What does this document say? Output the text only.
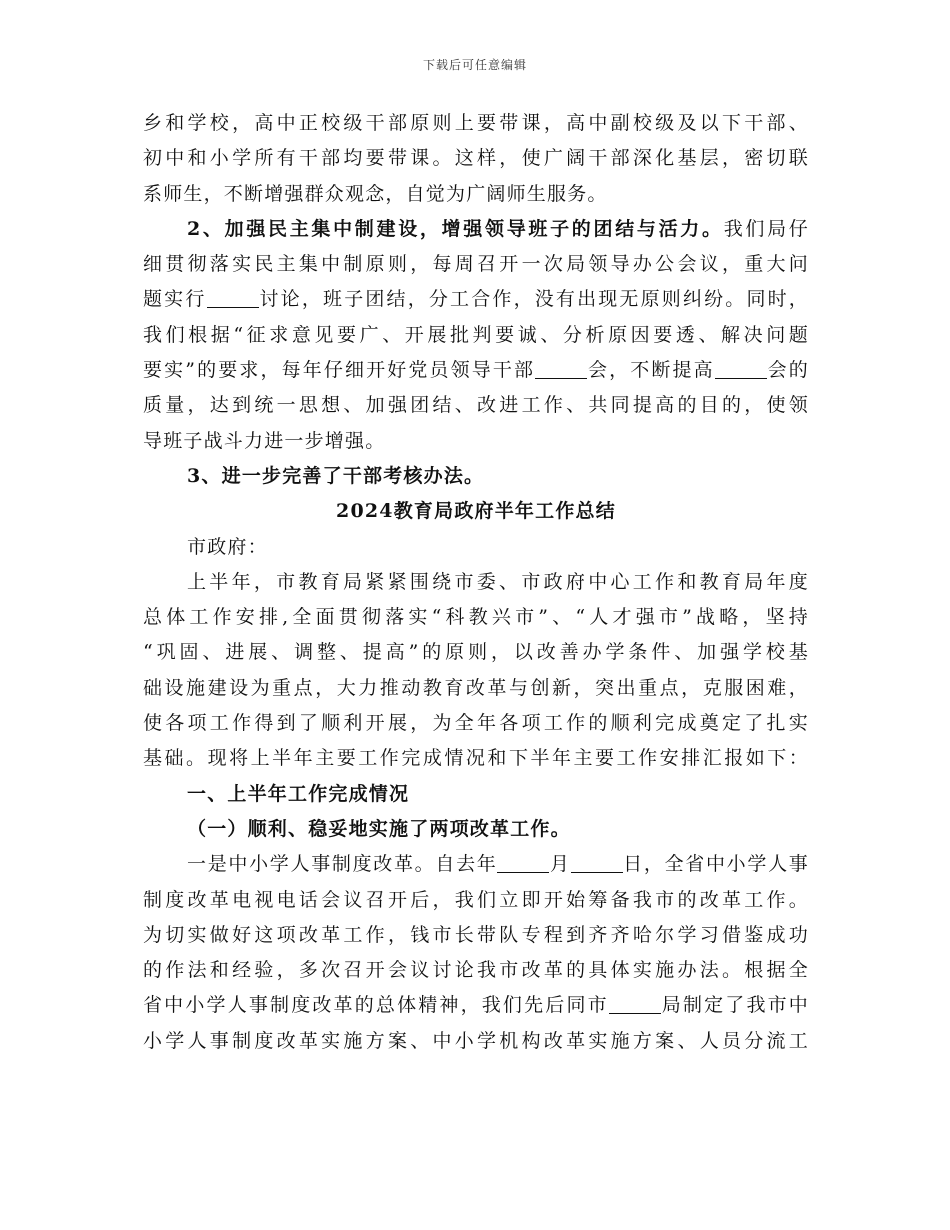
下载后可任意编辑
乡和学校，高中正校级干部原则上要带课，高中副校级及以下干部、
初中和小学所有干部均要带课。这样，使广阔干部深化基层，密切联
系师生，不断增强群众观念，自觉为广阔师生服务。
2、加强民主集中制建设，增强领导班子的团结与活力。我们局仔
细贯彻落实民主集中制原则，每周召开一次局领导办公会议，重大问
题实行	讨论，班子团结，分工合作，没有出现无原则纠纷。同时，
我们根据“征求意见要广、开展批判要诚、分析原因要透、解决问题
要实”的要求，每年仔细开好党员领导干部	会，不断提高	会的
质量，达到统一思想、加强团结、改进工作、共同提高的目的，使领
导班子战斗力进一步增强。
3、进一步完善了干部考核办法。
2024教育局政府半年工作总结
市政府：
上半年，市教育局紧紧围绕市委、市政府中心工作和教育局年度
总体工作安排,全面贯彻落实“科教兴市”、“人才强市”战略，坚持
“巩固、进展、调整、提高”的原则，以改善办学条件、加强学校基
础设施建设为重点，大力推动教育改革与创新，突出重点，克服困难，
使各项工作得到了顺利开展，为全年各项工作的顺利完成奠定了扎实
基础。现将上半年主要工作完成情况和下半年主要工作安排汇报如下：
一、上半年工作完成情况
（一）顺利、稳妥地实施了两项改革工作。
一是中小学人事制度改革。自去年	月	日，全省中小学人事
制度改革电视电话会议召开后，我们立即开始筹备我市的改革工作。
为切实做好这项改革工作，钱市长带队专程到齐齐哈尔学习借鉴成功
的作法和经验，多次召开会议讨论我市改革的具体实施办法。根据全
省中小学人事制度改革的总体精神，我们先后同市	局制定了我市中
小学人事制度改革实施方案、中小学机构改革实施方案、人员分流工
